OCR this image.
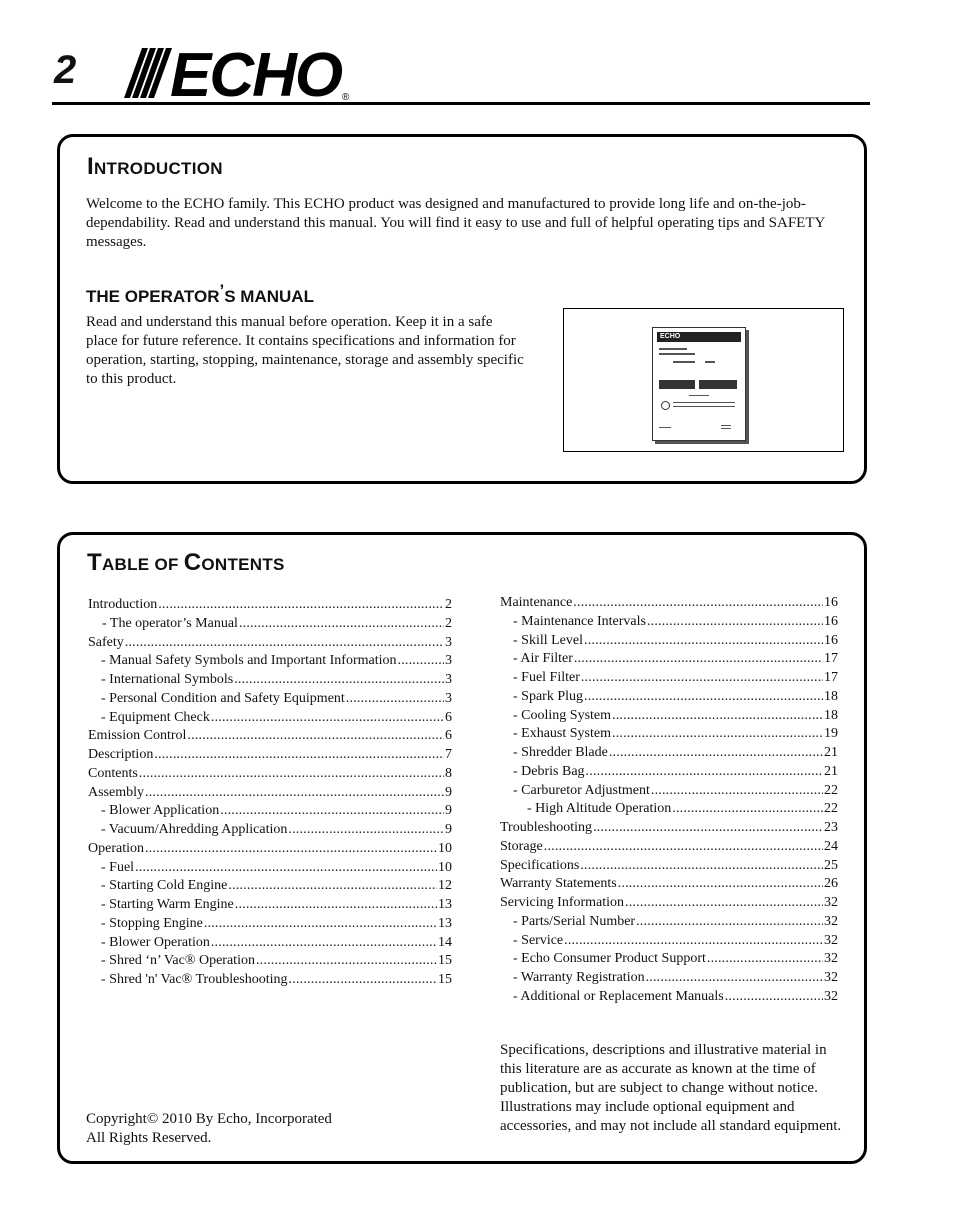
2 ECHO ®
INTRODUCTION
Welcome to the ECHO family. This ECHO product was designed and manufactured to provide long life and on-the-job-dependability. Read and understand this manual. You will find it easy to use and full of helpful operating tips and SAFETY messages.
THE OPERATOR’S MANUAL
Read and understand this manual before operation. Keep it in a safe place for future reference. It contains specifications and information for operation, starting, stopping, maintenance, storage and assembly specific to this product.
ECHO
TABLE OF CONTENTS
Introduction .....	2
- The operator’s Manual .....	2
Safety .....	3
- Manual Safety Symbols and Important Information .....	3
- International Symbols .....	3
- Personal Condition and Safety Equipment .....	3
- Equipment Check .....	6
Emission Control .....	6
Description .....	7
Contents .....	8
Assembly .....	9
- Blower Application .....	9
- Vacuum/Ahredding Application .....	9
Operation .....	10
- Fuel .....	10
- Starting Cold Engine .....	12
- Starting Warm Engine .....	13
- Stopping Engine .....	13
- Blower Operation .....	14
- Shred ‘n’ Vac® Operation .....	15
- Shred 'n' Vac® Troubleshooting .....	15
Maintenance .....	16
- Maintenance Intervals .....	16
- Skill Level .....	16
- Air Filter .....	17
- Fuel Filter .....	17
- Spark Plug .....	18
- Cooling System .....	18
- Exhaust System .....	19
- Shredder Blade .....	21
- Debris Bag .....	21
- Carburetor Adjustment .....	22
- High Altitude Operation .....	22
Troubleshooting .....	23
Storage .....	24
Specifications .....	25
Warranty Statements .....	26
Servicing Information .....	32
- Parts/Serial Number .....	32
- Service .....	32
- Echo Consumer Product Support .....	32
- Warranty Registration .....	32
- Additional or Replacement Manuals .....	32
Copyright© 2010 By Echo, Incorporated
All Rights Reserved.
Specifications, descriptions and illustrative material in this literature are as accurate as known at the time of publication, but are subject to change without notice. Illustrations may include optional equipment and accessories, and may not include all standard equipment.
